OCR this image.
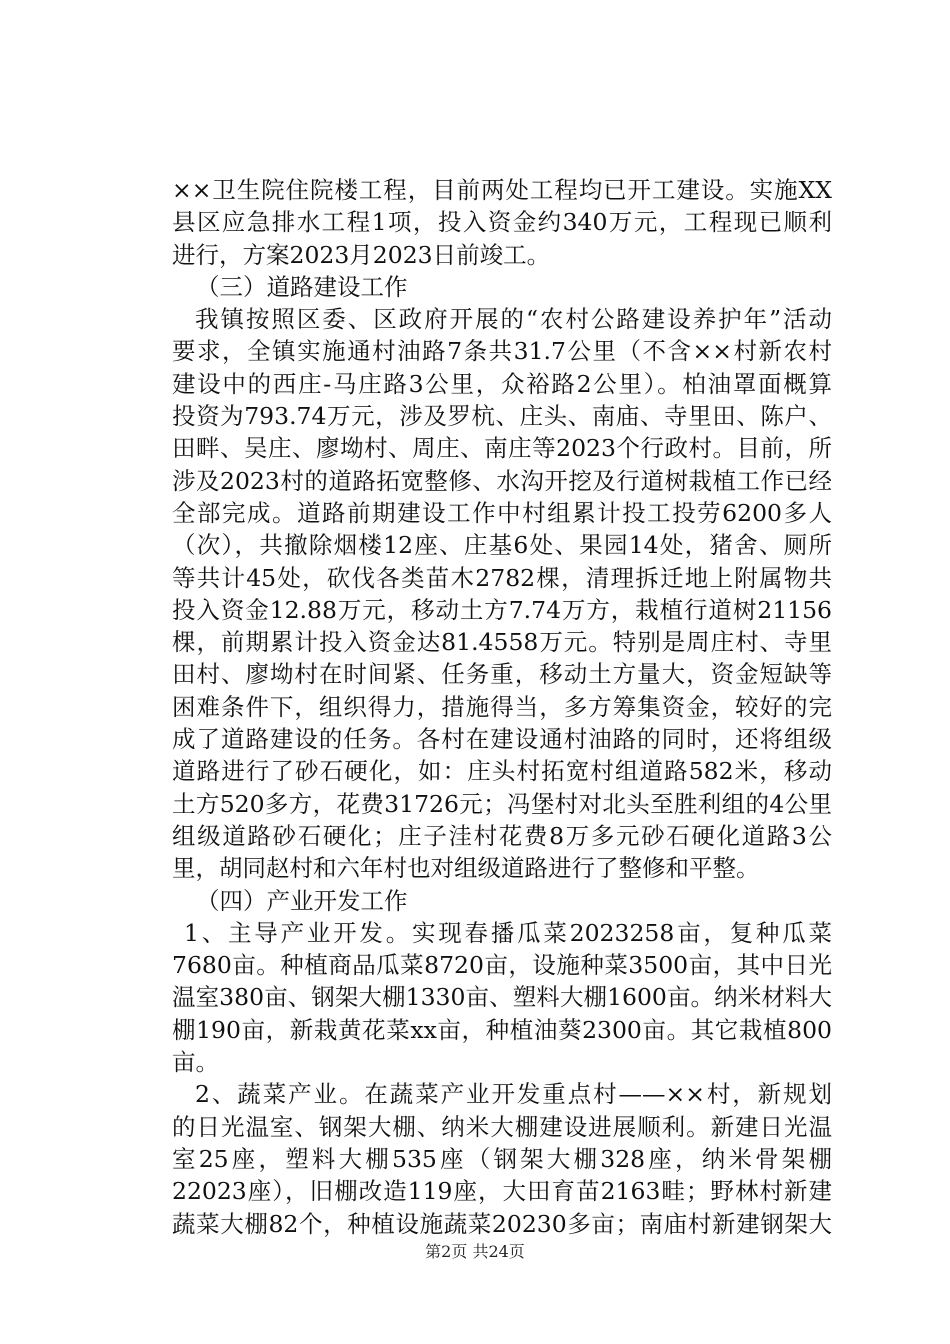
××卫生院住院楼工程，目前两处工程均已开工建设。实施XX
县区应急排水工程1项，投入资金约340万元，工程现已顺利
进行，方案2023月2023日前竣工。
（三）道路建设工作
我镇按照区委、区政府开展的“农村公路建设养护年”活动
要求，全镇实施通村油路7条共31.7公里（不含××村新农村
建设中的西庄-马庄路3公里，众裕路2公里）。柏油罩面概算
投资为793.74万元，涉及罗杭、庄头、南庙、寺里田、陈户、
田畔、吴庄、廖坳村、周庄、南庄等2023个行政村。目前，所
涉及2023村的道路拓宽整修、水沟开挖及行道树栽植工作已经
全部完成。道路前期建设工作中村组累计投工投劳6200多人
（次），共撤除烟楼12座、庄基6处、果园14处，猪舍、厕所
等共计45处，砍伐各类苗木2782棵，清理拆迁地上附属物共
投入资金12.88万元，移动土方7.74万方，栽植行道树21156
棵，前期累计投入资金达81.4558万元。特别是周庄村、寺里
田村、廖坳村在时间紧、任务重，移动土方量大，资金短缺等
困难条件下，组织得力，措施得当，多方筹集资金，较好的完
成了道路建设的任务。各村在建设通村油路的同时，还将组级
道路进行了砂石硬化，如：庄头村拓宽村组道路582米，移动
土方520多方，花费31726元；冯堡村对北头至胜利组的4公里
组级道路砂石硬化；庄子洼村花费8万多元砂石硬化道路3公
里，胡同赵村和六年村也对组级道路进行了整修和平整。
（四）产业开发工作
1、主导产业开发。实现春播瓜菜2023258亩，复种瓜菜
7680亩。种植商品瓜菜8720亩，设施种菜3500亩，其中日光
温室380亩、钢架大棚1330亩、塑料大棚1600亩。纳米材料大
棚190亩，新栽黄花菜xx亩，种植油葵2300亩。其它栽植800
亩。
2、蔬菜产业。在蔬菜产业开发重点村——××村，新规划
的日光温室、钢架大棚、纳米大棚建设进展顺利。新建日光温
室25座，塑料大棚535座（钢架大棚328座，纳米骨架棚
22023座），旧棚改造119座，大田育苗2163畦；野林村新建
蔬菜大棚82个，种植设施蔬菜20230多亩；南庙村新建钢架大
第2页 共24页
